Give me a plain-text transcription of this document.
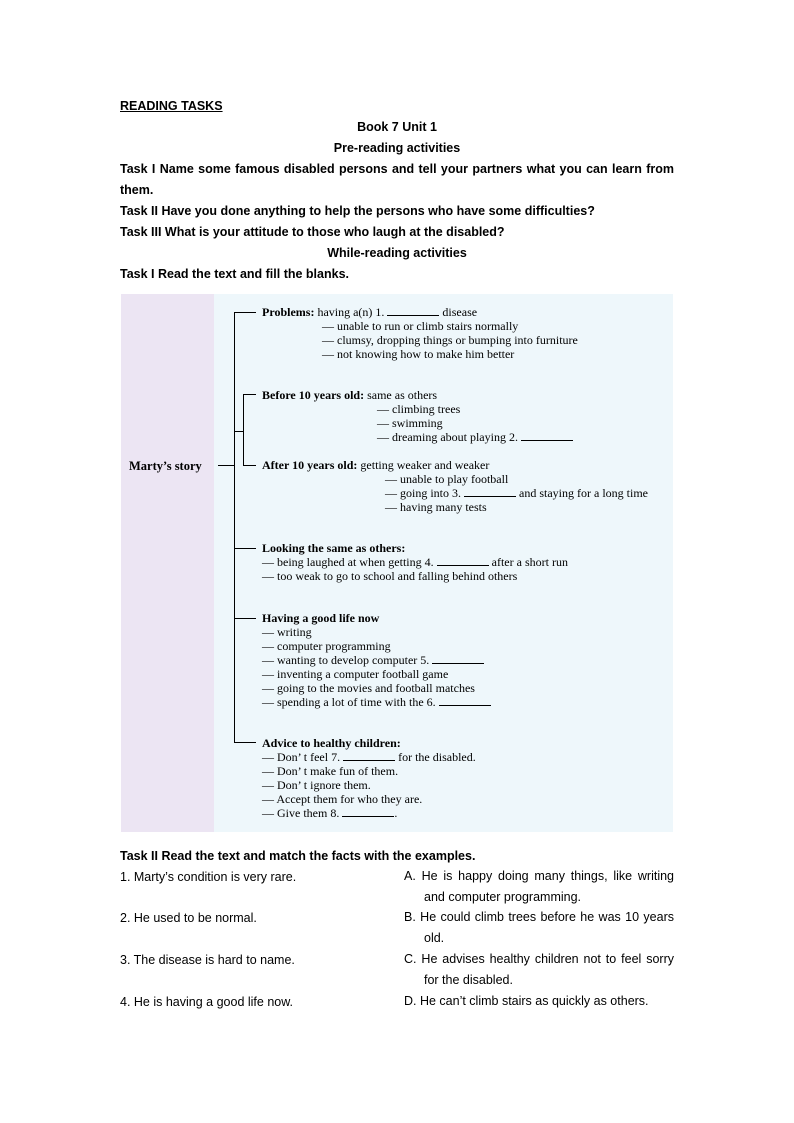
READING TASKS
Book 7 Unit 1
Pre-reading activities
Task I Name some famous disabled persons and tell your partners what you can learn from
them.
Task II Have you done anything to help the persons who have some difficulties?
Task III What is your attitude to those who laugh at the disabled?
While-reading activities
Task I Read the text and fill the blanks.
Marty’s story
Problems: having a(n) 1.	disease
— unable to run or climb stairs normally
— clumsy, dropping things or bumping into furniture
— not knowing how to make him better
Before 10 years old: same as others
— climbing trees
— swimming
— dreaming about playing 2.
After 10 years old: getting weaker and weaker
— unable to play football
— going into 3.	and staying for a long time
— having many tests
Looking the same as others:
— being laughed at when getting 4.	after a short run
— too weak to go to school and falling behind others
Having a good life now
— writing
— computer programming
— wanting to develop computer 5.
— inventing a computer football game
— going to the movies and football matches
— spending a lot of time with the 6.
Advice to healthy children:
— Don’ t feel 7.	for the disabled.
— Don’ t make fun of them.
— Don’ t ignore them.
— Accept them for who they are.
— Give them 8.	.
Task II Read the text and match the facts with the examples.
1. Marty’s condition is very rare.	A. He is happy doing many things, like writing
and computer programming.
2. He used to be normal.	B. He could climb trees before he was 10 years
old.
3. The disease is hard to name.	C. He advises healthy children not to feel sorry
for the disabled.
4. He is having a good life now.	D. He can’t climb stairs as quickly as others.
